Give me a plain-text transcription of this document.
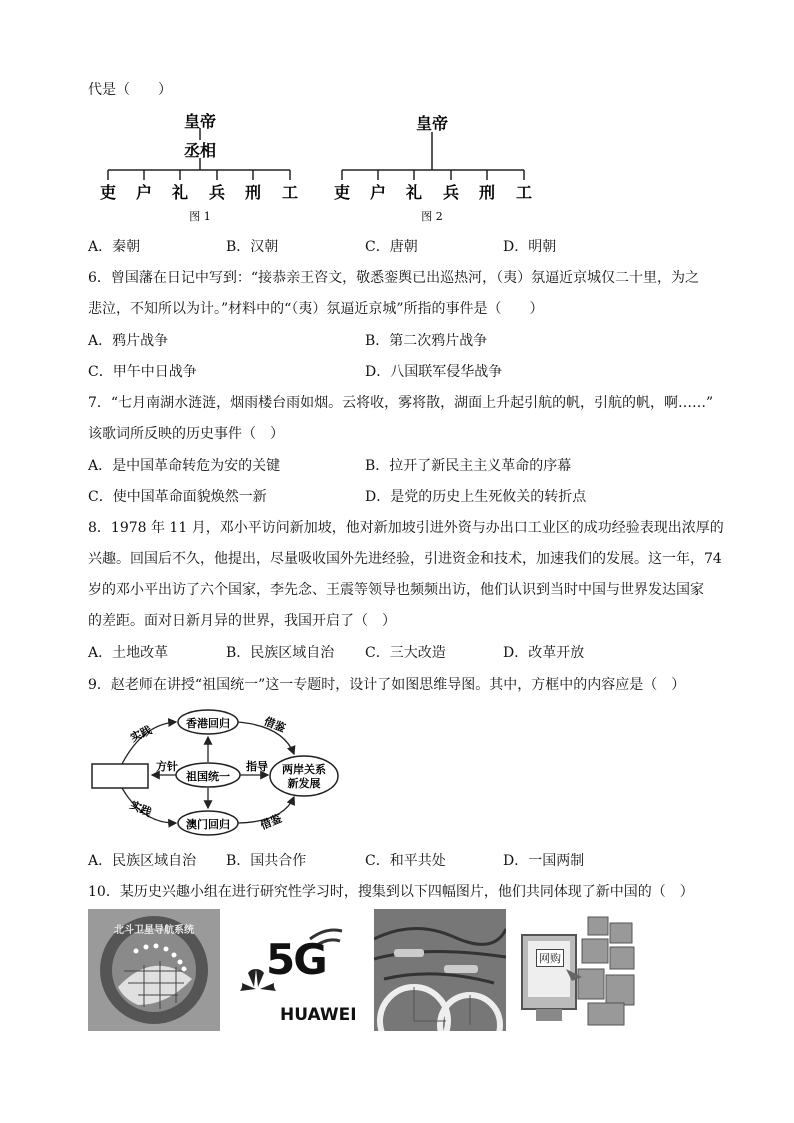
代是（　　）
皇帝
丞相
吏 户 礼 兵 刑 工
图 1
皇帝
吏 户 礼 兵 刑 工
图 2
A．秦朝	B．汉朝	C．唐朝	D．明朝
6．曾国藩在日记中写到：“接恭亲王咨文，敬悉銮舆已出巡热河，（夷）氛逼近京城仅二十里，为之
悲泣，不知所以为计。”材料中的“（夷）氛逼近京城”所指的事件是（　　）
A．鸦片战争	B．第二次鸦片战争
C．甲午中日战争	D．八国联军侵华战争
7．“七月南湖水涟涟，烟雨楼台雨如烟。云将收，雾将散，湖面上升起引航的帆，引航的帆，啊……”
该歌词所反映的历史事件（　）
A．是中国革命转危为安的关键	B．拉开了新民主主义革命的序幕
C．使中国革命面貌焕然一新	D．是党的历史上生死攸关的转折点
8．1978 年 11 月，邓小平访问新加坡，他对新加坡引进外资与办出口工业区的成功经验表现出浓厚的
兴趣。回国后不久，他提出，尽量吸收国外先进经验，引进资金和技术，加速我们的发展。这一年，74
岁的邓小平出访了六个国家，李先念、王震等领导也频频出访，他们认识到当时中国与世界发达国家
的差距。面对日新月异的世界，我国开启了（　）
A．土地改革	B．民族区域自治 C．三大改造	D．改革开放
9．赵老师在讲授“祖国统一”这一专题时，设计了如图思维导图。其中，方框中的内容应是（　）
香港回归
祖国统一
澳门回归
两岸关系
新发展
实践
实践
借鉴
借鉴
方针	指导
A．民族区域自治 B．国共合作	C．和平共处	D．一国两制
10．某历史兴趣小组在进行研究性学习时，搜集到以下四幅图片，他们共同体现了新中国的（　）
北斗卫星导航系统
5G
HUAWEI
网购
